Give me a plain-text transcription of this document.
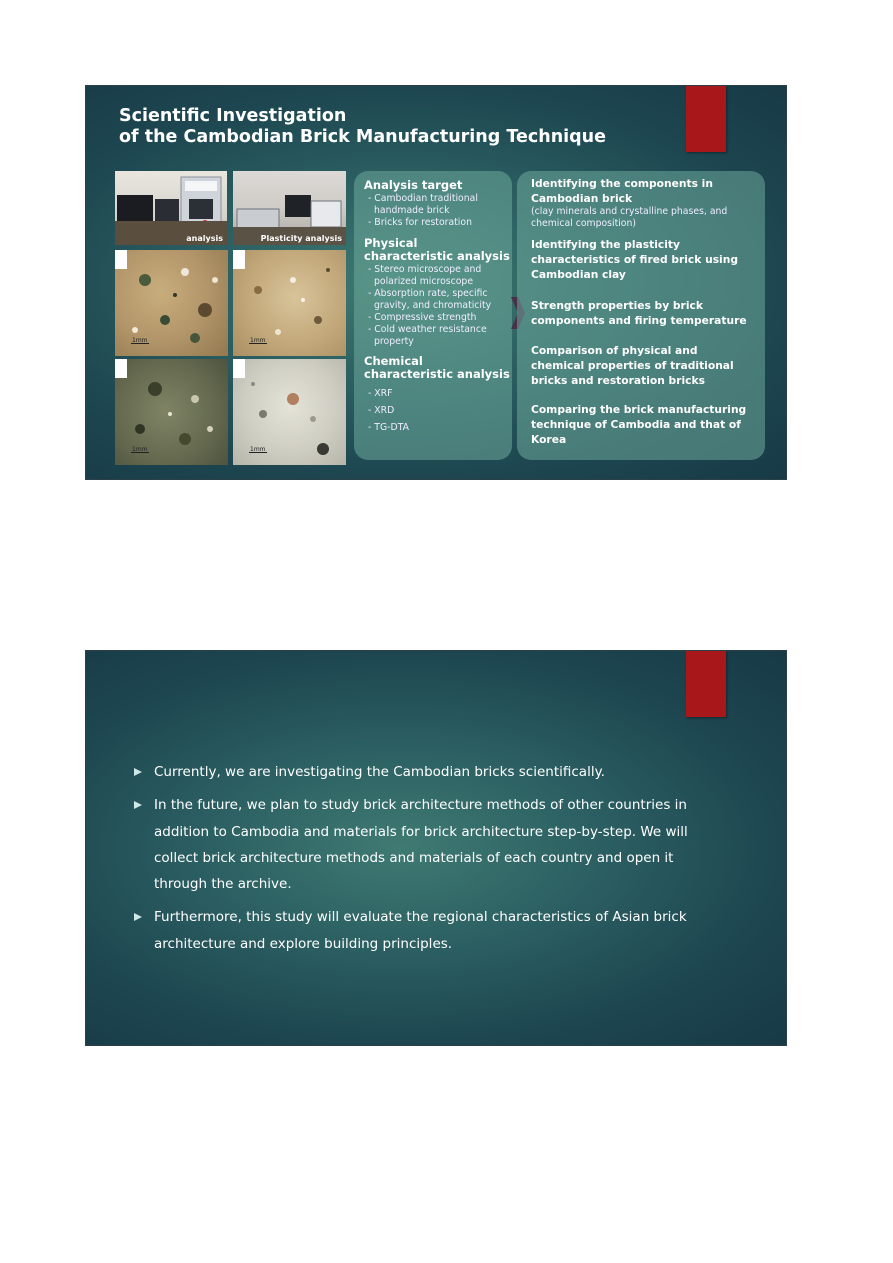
Scientific Investigation
of the Cambodian Brick Manufacturing Technique
analysis	Plasticity analysis
1mm	1mm
1mm	1mm

Analysis target

- Cambodian traditional

handmade brick

- Bricks for restoration

Physical

characteristic analysis

- Stereo microscope and

polarized microscope

- Absorption rate, specific

gravity, and chromaticity

- Compressive strength

- Cold weather resistance

property

Chemical

characteristic analysis

- XRF

- XRD

- TG-DTA

Identifying the components in

Cambodian brick

(clay minerals and crystalline phases, and

chemical composition)

Identifying the plasticity

characteristics of fired brick using

Cambodian clay

Strength properties by brick

components and firing temperature

Comparison of physical and

chemical properties of traditional

bricks and restoration bricks

Comparing the brick manufacturing

technique of Cambodia and that of

Korea

Currently, we are investigating the Cambodian bricks scientifically.
In the future, we plan to study brick architecture methods of other countries in addition to Cambodia and materials for brick architecture step-by-step. We will collect brick architecture methods and materials of each country and open it through the archive.
Furthermore, this study will evaluate the regional characteristics of Asian brick architecture and explore building principles.
